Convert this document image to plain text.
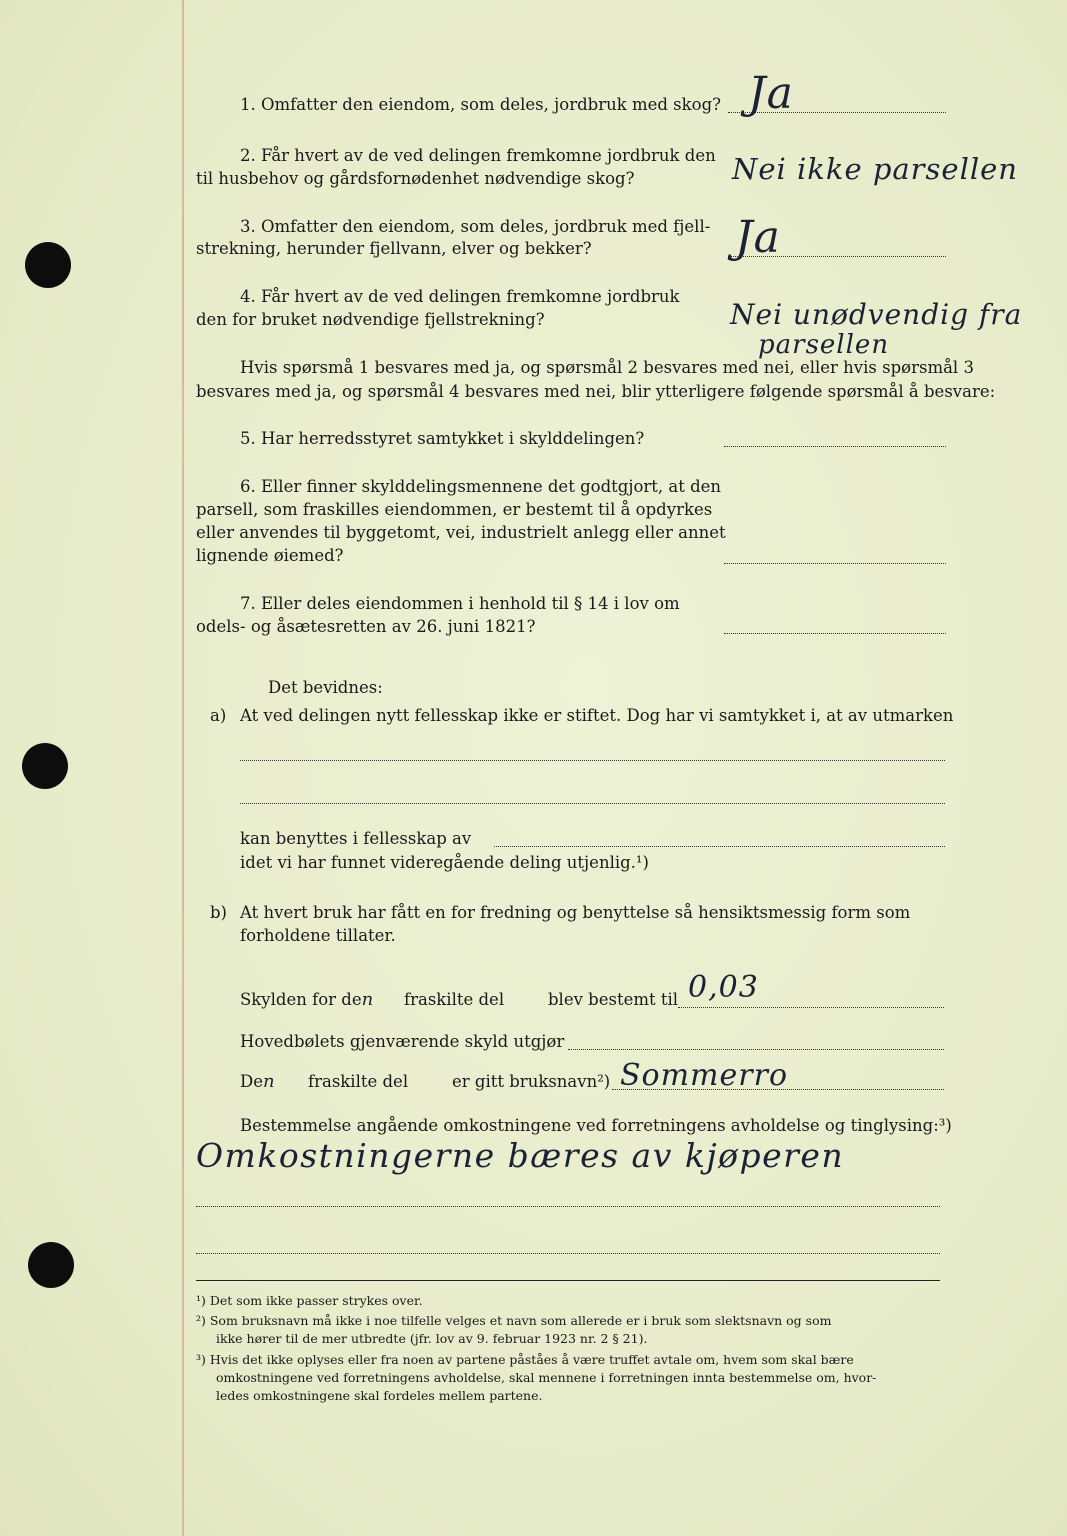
1. Omfatter den eiendom, som deles, jordbruk med skog? Ja
2. Får hvert av de ved delingen fremkomne jordbruk den
til husbehov og gårdsfornødenhet nødvendige skog?	Nei ikke parsellen
3. Omfatter den eiendom, som deles, jordbruk med fjell-
strekning, herunder fjellvann, elver og bekker?	Ja
4. Får hvert av de ved delingen fremkomne jordbruk
den for bruket nødvendige fjellstrekning?	Nei unødvendig fra
parsellen
Hvis spørsmå 1 besvares med ja, og spørsmål 2 besvares med nei, eller hvis spørsmål 3
besvares med ja, og spørsmål 4 besvares med nei, blir ytterligere følgende spørsmål å besvare:
5. Har herredsstyret samtykket i skylddelingen?
6. Eller finner skylddelingsmennene det godtgjort, at den
parsell, som fraskilles eiendommen, er bestemt til å opdyrkes
eller anvendes til byggetomt, vei, industrielt anlegg eller annet
lignende øiemed?
7. Eller deles eiendommen i henhold til § 14 i lov om
odels- og åsætesretten av 26. juni 1821?
Det bevidnes:
a) At ved delingen nytt fellesskap ikke er stiftet. Dog har vi samtykket i, at av utmarken
kan benyttes i fellesskap av
idet vi har funnet videregående deling utjenlig.¹)
b) At hvert bruk har fått en for fredning og benyttelse så hensiktsmessig form som
forholdene tillater.
Skylden for den fraskilte del	blev bestemt til 0,03
Hovedbølets gjenværende skyld utgjør
Den fraskilte del	er gitt bruksnavn²) Sommerro
Bestemmelse angående omkostningene ved forretningens avholdelse og tinglysing:³)
Omkostningerne bæres av kjøperen
¹) Det som ikke passer strykes over.
²) Som bruksnavn må ikke i noe tilfelle velges et navn som allerede er i bruk som slektsnavn og som
ikke hører til de mer utbredte (jfr. lov av 9. februar 1923 nr. 2 § 21).
³) Hvis det ikke oplyses eller fra noen av partene påståes å være truffet avtale om, hvem som skal bære
omkostningene ved forretningens avholdelse, skal mennene i forretningen innta bestemmelse om, hvor-
ledes omkostningene skal fordeles mellem partene.
